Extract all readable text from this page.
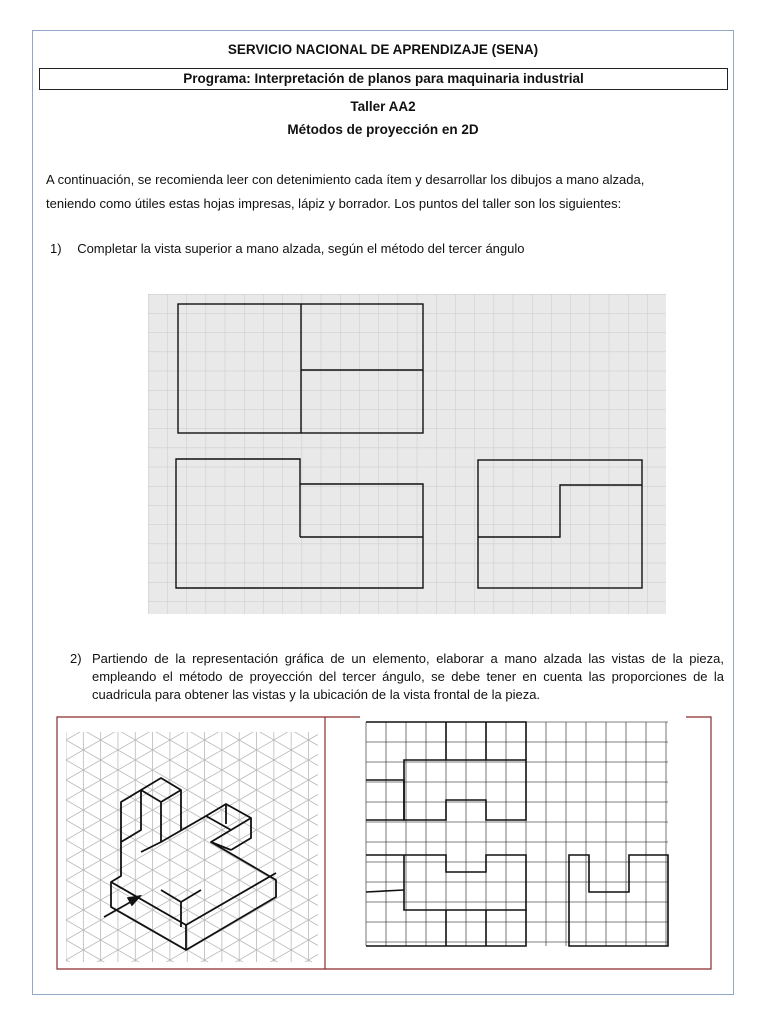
SERVICIO NACIONAL DE APRENDIZAJE (SENA)
Programa: Interpretación de planos para maquinaria industrial
Taller AA2
Métodos de proyección en 2D
A continuación, se recomienda leer con detenimiento cada ítem y desarrollar los dibujos a mano alzada,
teniendo como útiles estas hojas impresas, lápiz y borrador. Los puntos del taller son los siguientes:
1) Completar la vista superior a mano alzada, según el método del tercer ángulo
2) Partiendo de la representación gráfica de un elemento, elaborar a mano alzada las vistas de la pieza, empleando el método de proyección del tercer ángulo, se debe tener en cuenta las proporciones de la cuadricula para obtener las vistas y la ubicación de la vista frontal de la pieza.
